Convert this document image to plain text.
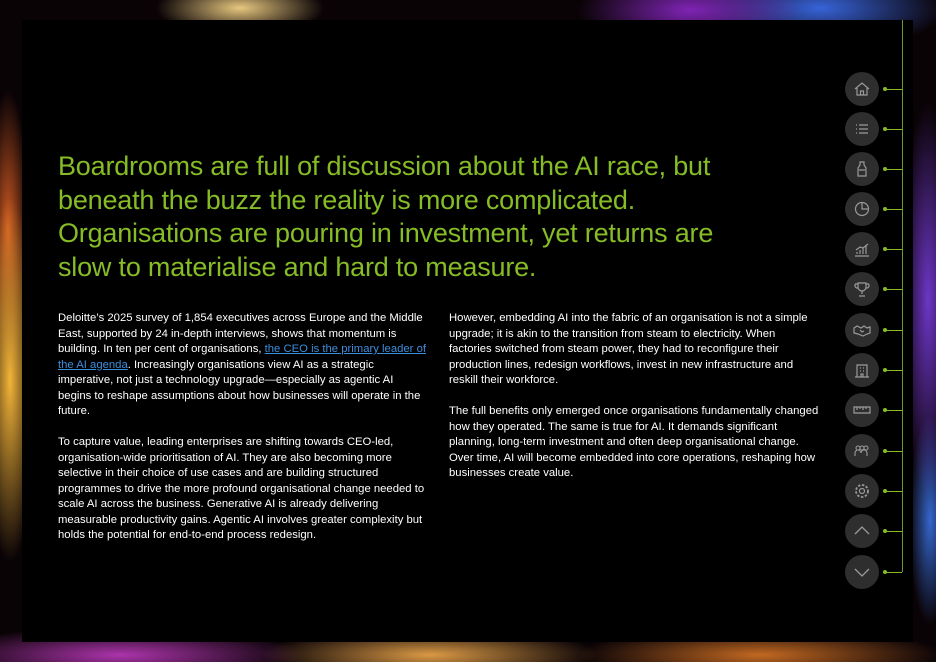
Boardrooms are full of discussion about the AI race, but beneath the buzz the reality is more complicated. Organisations are pouring in investment, yet returns are slow to materialise and hard to measure.

Deloitte’s 2025 survey of 1,854 executives across Europe and the Middle East, supported by 24 in-depth interviews, shows that momentum is building. In ten per cent of organisations, the CEO is the primary leader of the AI agenda. Increasingly organisations view AI as a strategic imperative, not just a technology upgrade—especially as agentic AI begins to reshape assumptions about how businesses will operate in the future.

To capture value, leading enterprises are shifting towards CEO-led, organisation-wide prioritisation of AI. They are also becoming more selective in their choice of use cases and are building structured programmes to drive the more profound organisational change needed to scale AI across the business. Generative AI is already delivering measurable productivity gains. Agentic AI involves greater complexity but holds the potential for end-to-end process redesign.

However, embedding AI into the fabric of an organisation is not a simple upgrade; it is akin to the transition from steam to electricity. When factories switched from steam power, they had to reconfigure their production lines, redesign workflows, invest in new infrastructure and reskill their workforce.

The full benefits only emerged once organisations fundamentally changed how they operated. The same is true for AI. It demands significant planning, long-term investment and often deep organisational change. Over time, AI will become embedded into core operations, reshaping how businesses create value.
